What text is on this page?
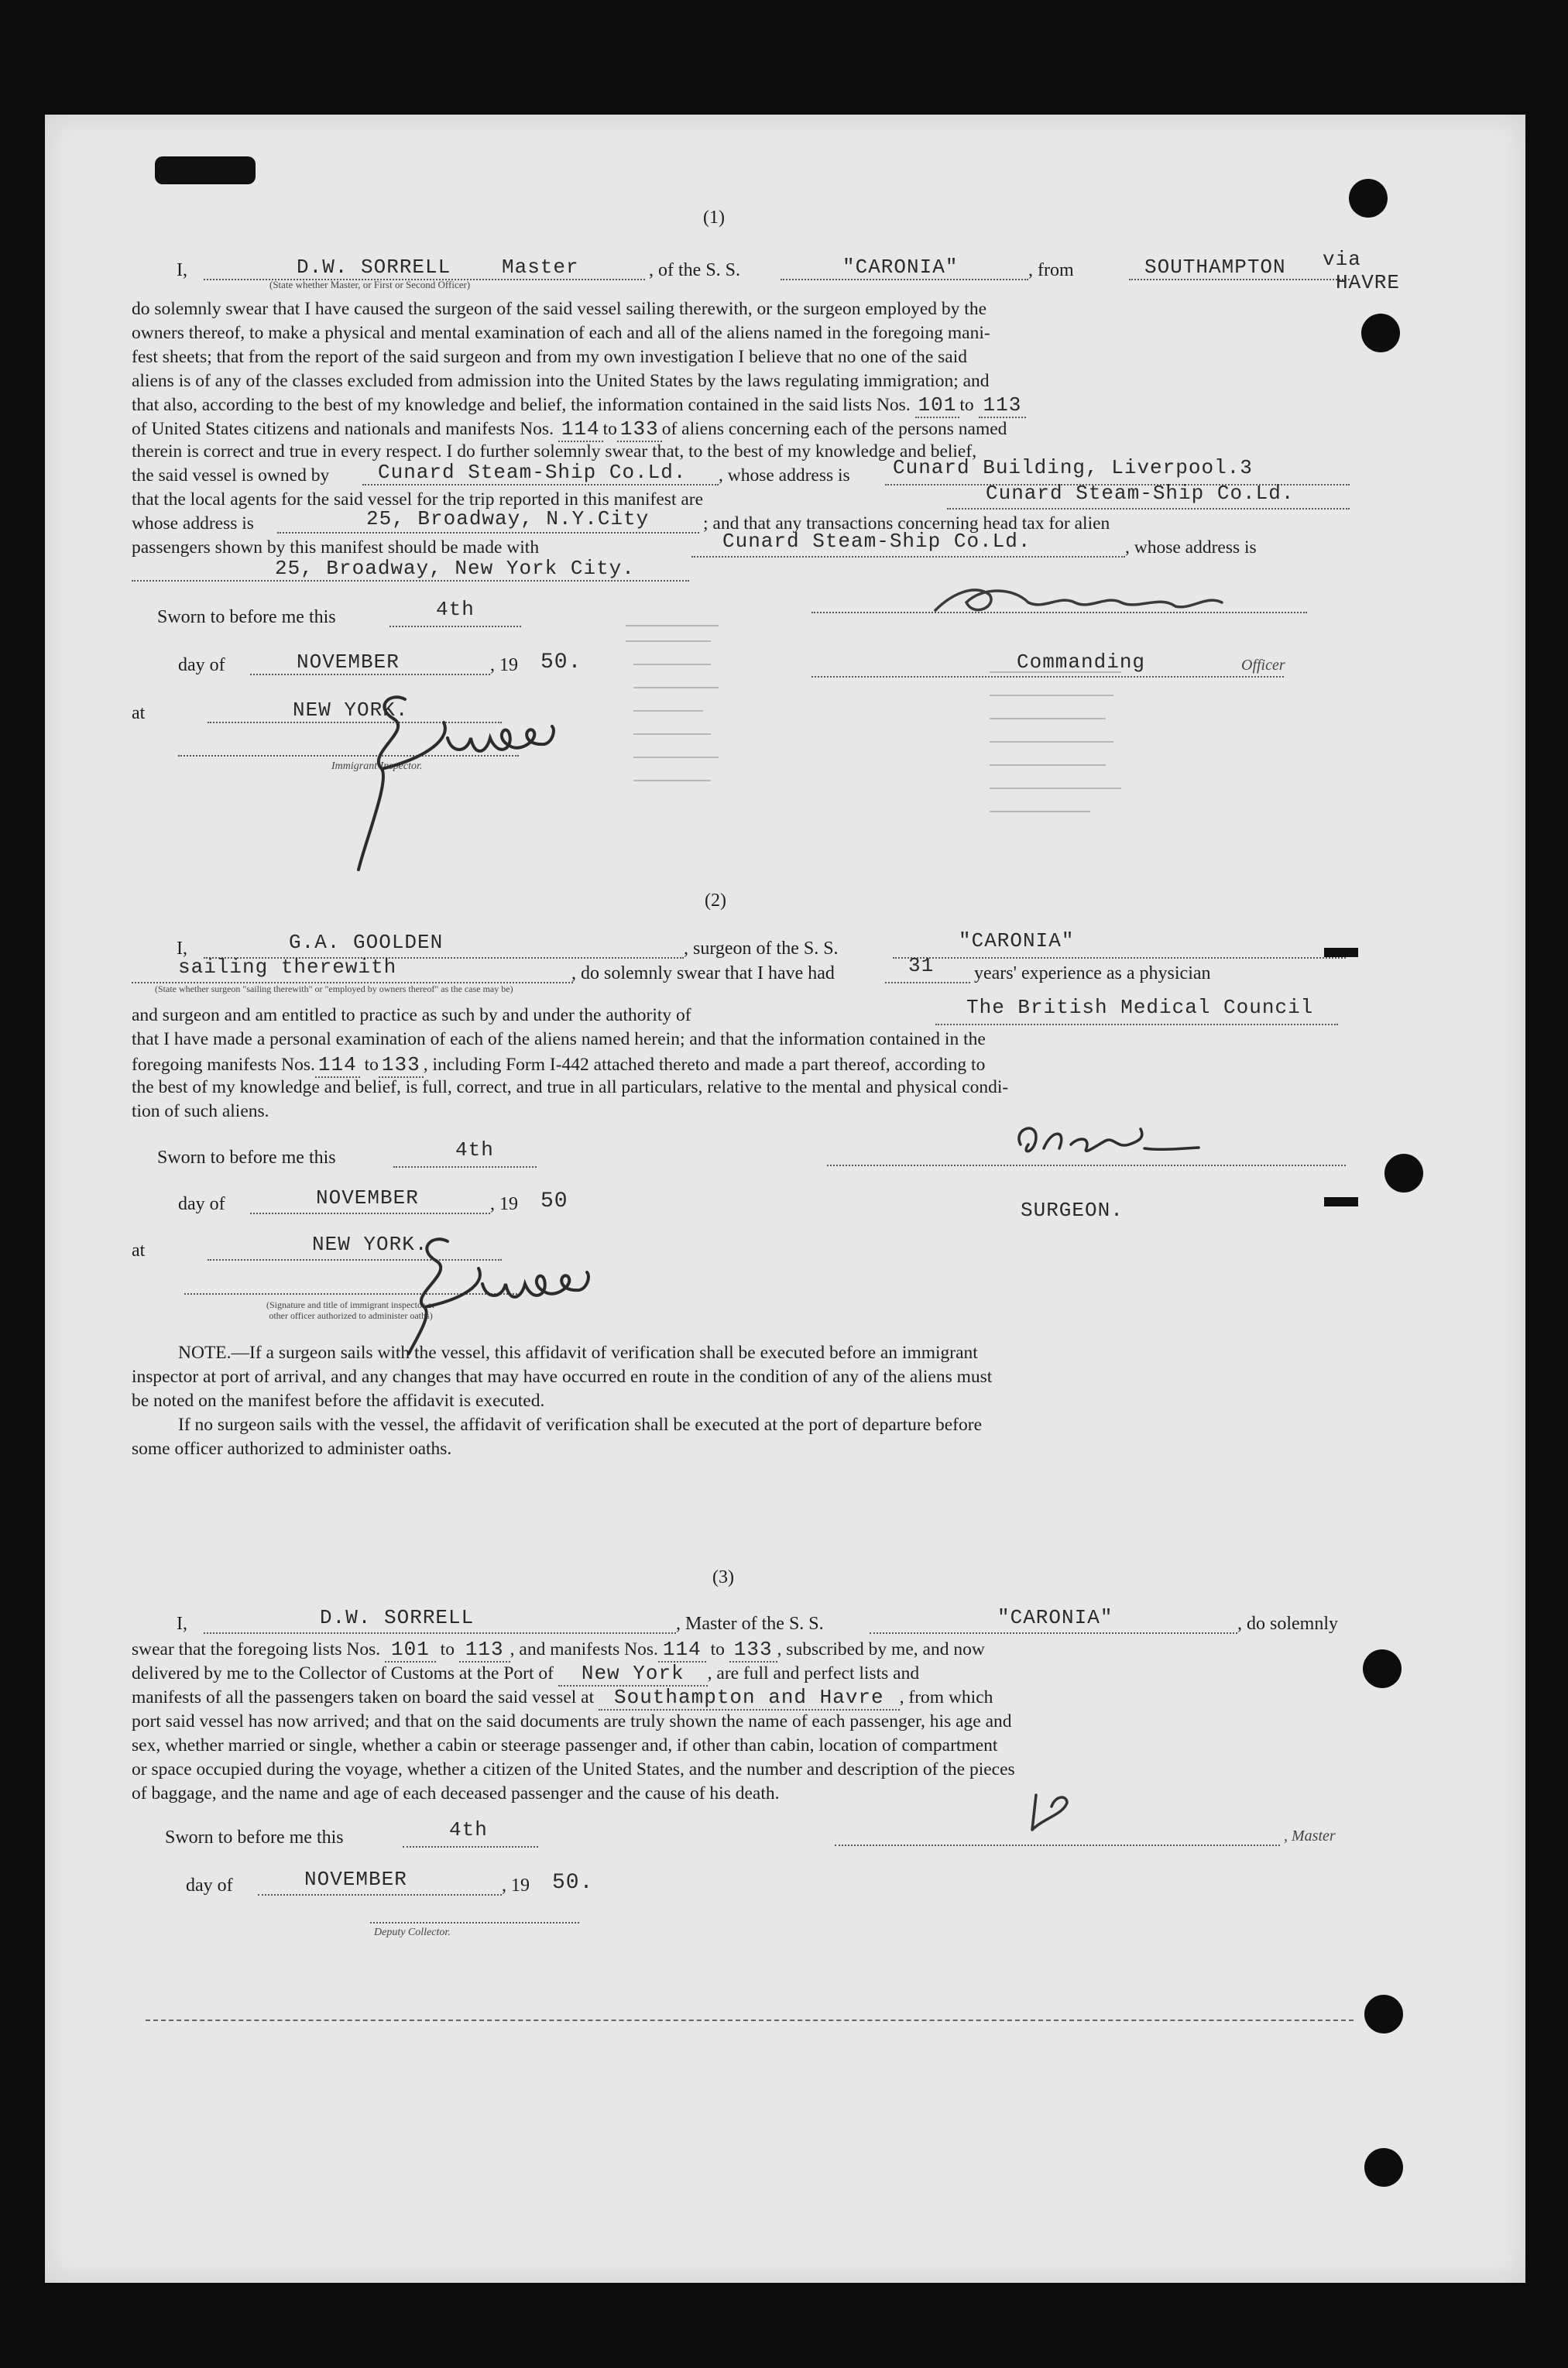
(1)
I,	D.W. SORRELL	Master	, of the S. S.	"CARONIA"	, from	SOUTHAMPTON via
HAVRE
(State whether Master, or First or Second Officer)

do solemnly swear that I have caused the surgeon of the said vessel sailing therewith, or the surgeon employed by the

owners thereof, to make a physical and mental examination of each and all of the aliens named in the foregoing mani-

fest sheets; that from the report of the said surgeon and from my own investigation I believe that no one of the said

aliens is of any of the classes excluded from admission into the United States by the laws regulating immigration; and

that also, according to the best of my knowledge and belief, the information contained in the said lists Nos. 101 to 113
of United States citizens and nationals and manifests Nos. 114 to 133 of aliens concerning each of the persons named
therein is correct and true in every respect. I do further solemnly swear that, to the best of my knowledge and belief,
the said vessel is owned by Cunard Steam-Ship Co.Ld. , whose address is Cunard Building, Liverpool.3
that the local agents for the said vessel for the trip reported in this manifest are	Cunard Steam-Ship Co.Ld.
whose address is	25, Broadway, N.Y.City	; and that any transactions concerning head tax for alien
passengers shown by this manifest should be made with	Cunard Steam-Ship Co.Ld.	, whose address is
25, Broadway, New York City.
Sworn to before me this	4th
day of	NOVEMBER	, 19 50.
at	NEW YORK.
Immigrant Inspector.
Commanding	Officer
(2)
I,	G.A. GOOLDEN	, surgeon of the S. S.	"CARONIA"
sailing therewith	, do solemnly swear that I have had	31 years' experience as a physician
(State whether surgeon "sailing therewith" or "employed by owners thereof" as the case may be)
and surgeon and am entitled to practice as such by and under the authority of	The British Medical Council
that I have made a personal examination of each of the aliens named herein; and that the information contained in the
foregoing manifests Nos. 114 to 133 , including Form I-442 attached thereto and made a part thereof, according to
the best of my knowledge and belief, is full, correct, and true in all particulars, relative to the mental and physical condi-
tion of such aliens.
Sworn to before me this	4th
day of	NOVEMBER	, 19 50
at	NEW YORK.
(Signature and title of immigrant inspector or
other officer authorized to administer oaths)
SURGEON.

NOTE.—If a surgeon sails with the vessel, this affidavit of verification shall be executed before an immigrant

inspector at port of arrival, and any changes that may have occurred en route in the condition of any of the aliens must

be noted on the manifest before the affidavit is executed.

If no surgeon sails with the vessel, the affidavit of verification shall be executed at the port of departure before

some officer authorized to administer oaths.

(3)
I,	D.W. SORRELL	, Master of the S. S.	"CARONIA"	, do solemnly
swear that the foregoing lists Nos. 101 to 113 , and manifests Nos. 114 to 133 , subscribed by me, and now
delivered by me to the Collector of Customs at the Port of New York , are full and perfect lists and
manifests of all the passengers taken on board the said vessel at Southampton and Havre , from which

port said vessel has now arrived; and that on the said documents are truly shown the name of each passenger, his age and

sex, whether married or single, whether a cabin or steerage passenger and, if other than cabin, location of compartment

or space occupied during the voyage, whether a citizen of the United States, and the number and description of the pieces

of baggage, and the name and age of each deceased passenger and the cause of his death.

Sworn to before me this	4th
day of	NOVEMBER	, 19 50.
Deputy Collector.
, Master
